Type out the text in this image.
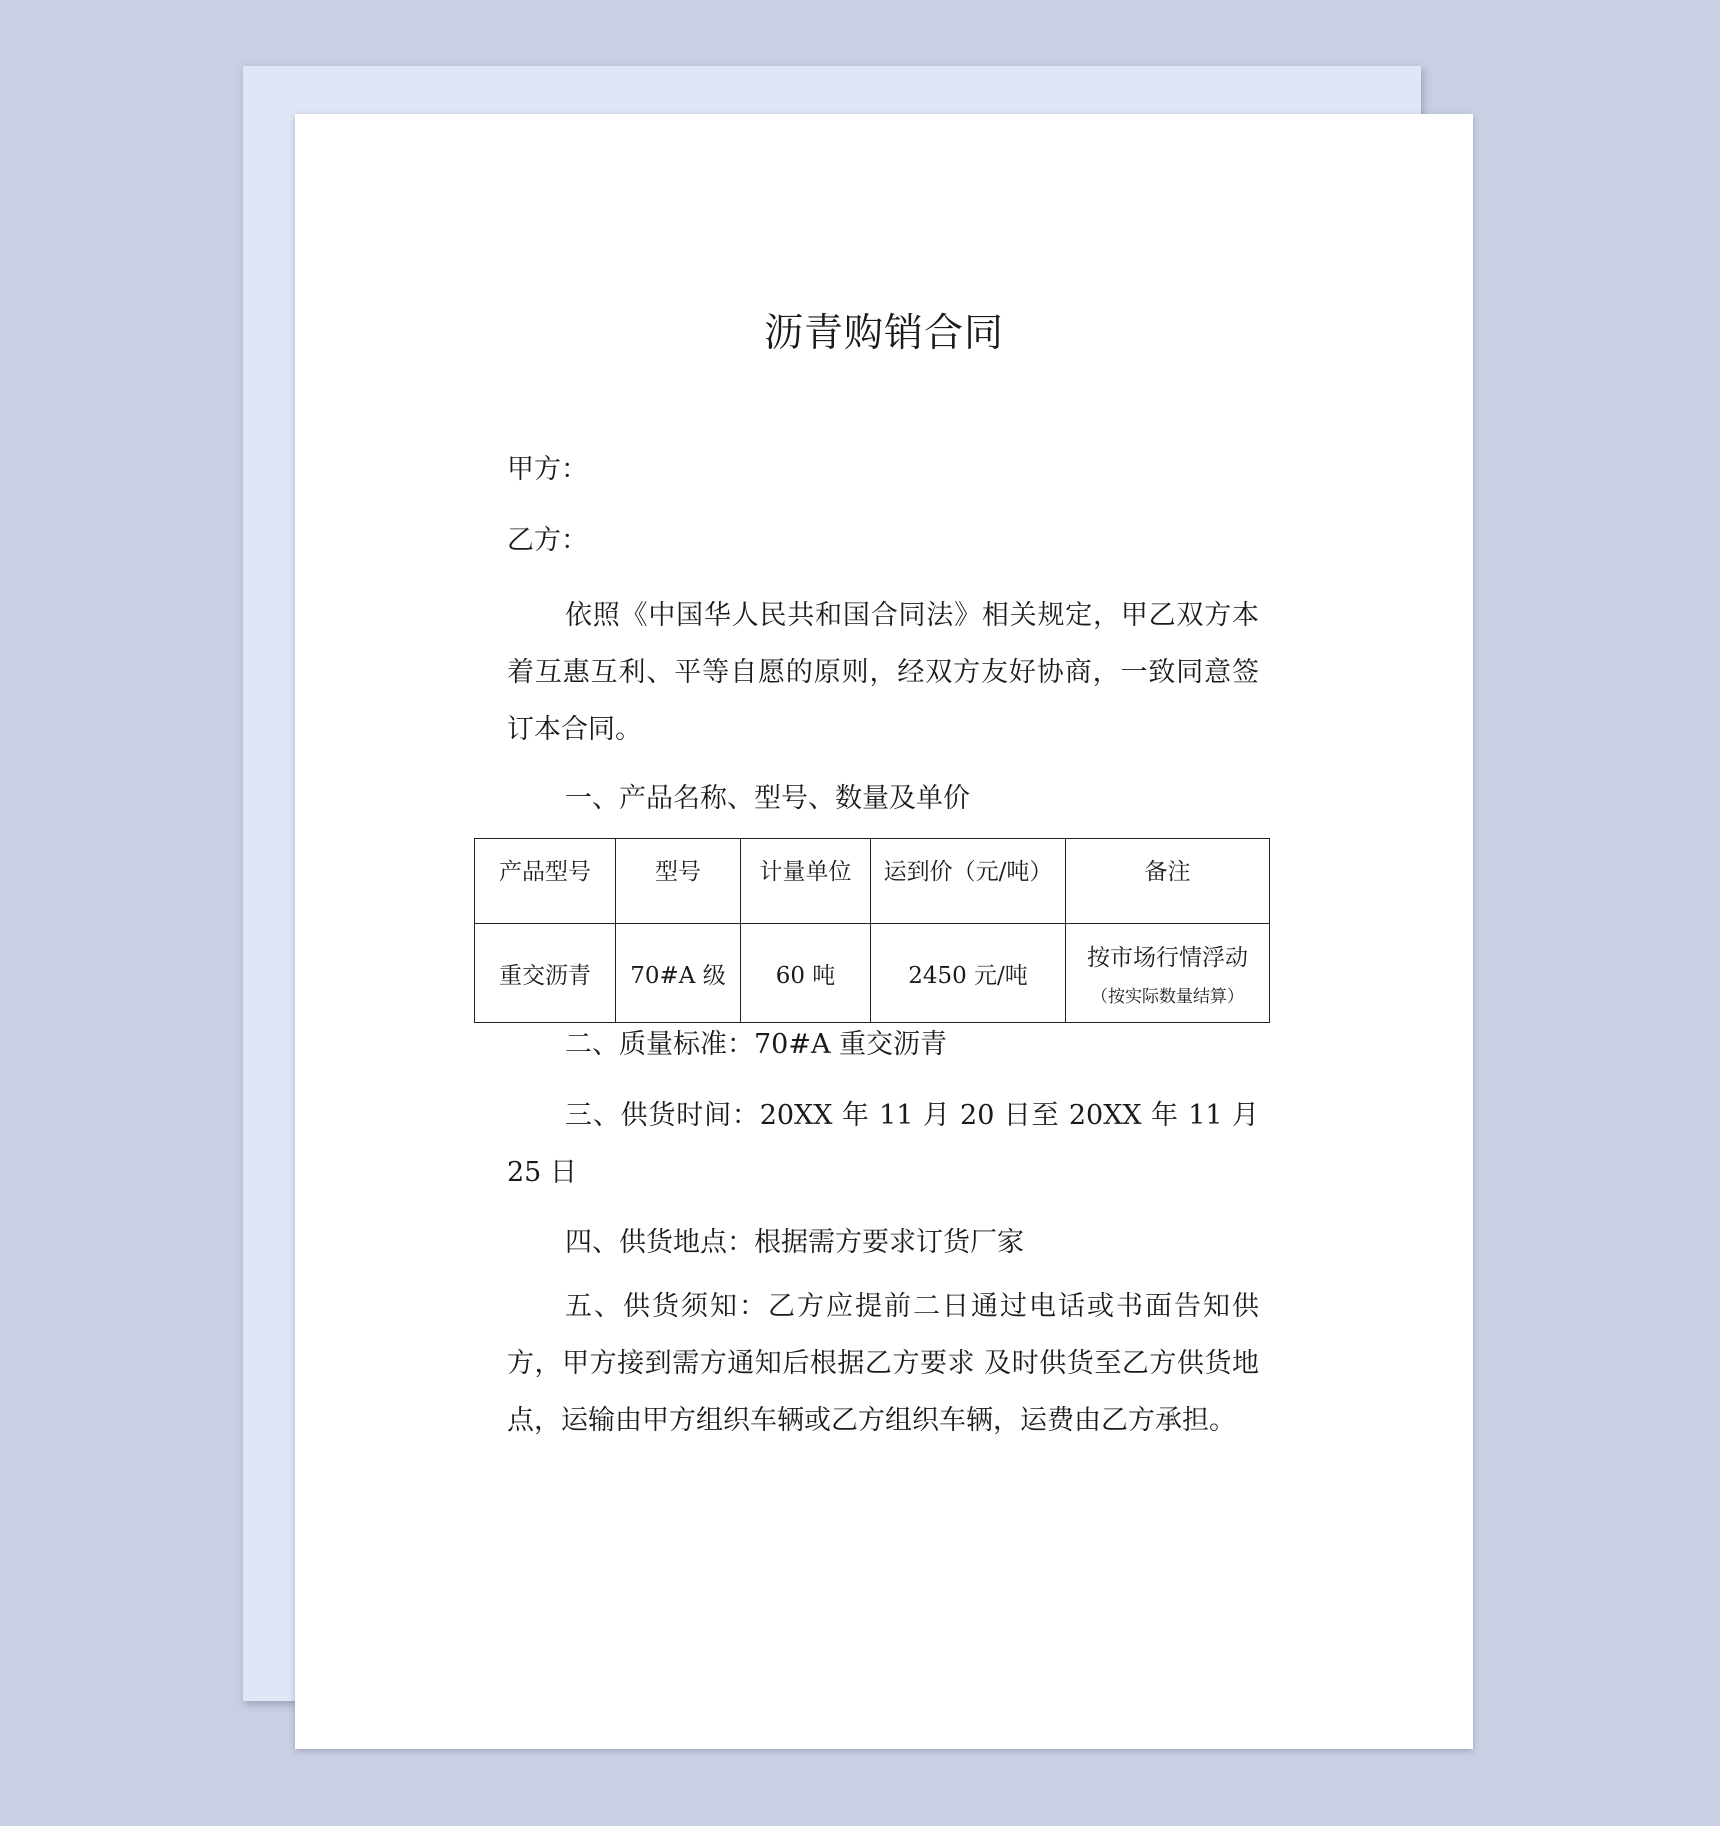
沥青购销合同
甲方：
乙方：
依照《中国华人民共和国合同法》相关规定，甲乙双方本着互惠互利、平等自愿的原则，经双方友好协商，一致同意签订本合同。
一、产品名称、型号、数量及单价
产品型号	型号	计量单位	运到价（元/吨）	备注
重交沥青	70#A 级	60 吨	2450 元/吨	按市场行情浮动
（按实际数量结算）
二、质量标准：70#A 重交沥青
三、供货时间：20XX 年 11 月 20 日至 20XX 年 11 月 25 日
四、供货地点：根据需方要求订货厂家
五、供货须知：乙方应提前二日通过电话或书面告知供方，甲方接到需方通知后根据乙方要求 及时供货至乙方供货地点，运输由甲方组织车辆或乙方组织车辆，运费由乙方承担。
